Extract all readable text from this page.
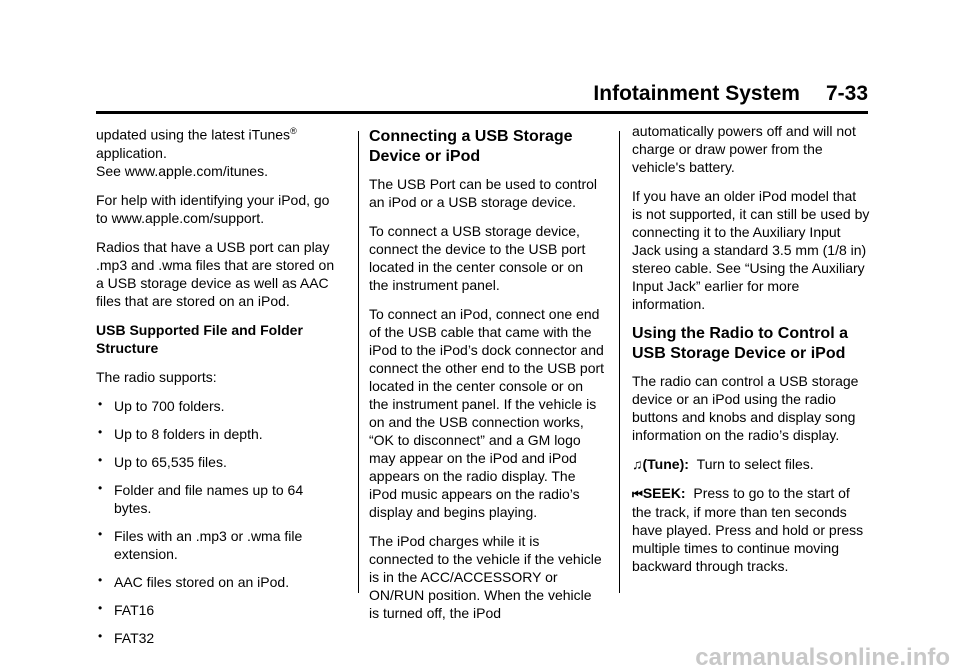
Infotainment System 7-33

updated using the latest iTunes®
application.
See www.apple.com/itunes.

For help with identifying your iPod, go to www.apple.com/support.

Radios that have a USB port can play .mp3 and .wma files that are stored on a USB storage device as well as AAC files that are stored on an iPod.

USB Supported File and Folder Structure

The radio supports:

• Up to 700 folders.
• Up to 8 folders in depth.
• Up to 65,535 files.
• Folder and file names up to 64 bytes.
• Files with an .mp3 or .wma file extension.
• AAC files stored on an iPod.
• FAT16
• FAT32
Connecting a USB Storage Device or iPod

The USB Port can be used to control an iPod or a USB storage device.

To connect a USB storage device, connect the device to the USB port located in the center console or on the instrument panel.

To connect an iPod, connect one end of the USB cable that came with the iPod to the iPod’s dock connector and connect the other end to the USB port located in the center console or on the instrument panel. If the vehicle is on and the USB connection works, “OK to disconnect” and a GM logo may appear on the iPod and iPod appears on the radio display. The iPod music appears on the radio’s display and begins playing.

The iPod charges while it is connected to the vehicle if the vehicle is in the ACC/ACCESSORY or ON/RUN position. When the vehicle is turned off, the iPod

automatically powers off and will not charge or draw power from the vehicle's battery.

If you have an older iPod model that is not supported, it can still be used by connecting it to the Auxiliary Input Jack using a standard 3.5 mm (1/8 in) stereo cable. See “Using the Auxiliary Input Jack” earlier for more information.

Using the Radio to Control a USB Storage Device or iPod

The radio can control a USB storage device or an iPod using the radio buttons and knobs and display song information on the radio’s display.

♫(Tune): Turn to select files.

⏮SEEK: Press to go to the start of the track, if more than ten seconds have played. Press and hold or press multiple times to continue moving backward through tracks.

carmanualsonline.info
